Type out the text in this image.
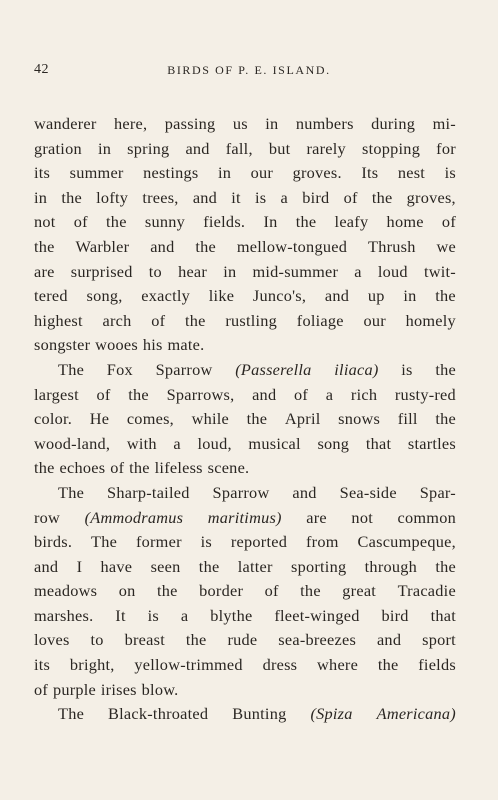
42	BIRDS OF P. E. ISLAND.
wanderer here, passing us in numbers during mi-
gration in spring and fall, but rarely stopping for
its summer nestings in our groves. Its nest is
in the lofty trees, and it is a bird of the groves,
not of the sunny fields. In the leafy home of
the Warbler and the mellow-tongued Thrush we
are surprised to hear in mid-summer a loud twit-
tered song, exactly like Junco's, and up in the
highest arch of the rustling foliage our homely
songster wooes his mate.
The Fox Sparrow (Passerella iliaca) is the
largest of the Sparrows, and of a rich rusty-red
color. He comes, while the April snows fill the
wood-land, with a loud, musical song that startles
the echoes of the lifeless scene.
The Sharp-tailed Sparrow and Sea-side Spar-
row (Ammodramus maritimus) are not common
birds. The former is reported from Cascumpeque,
and I have seen the latter sporting through the
meadows on the border of the great Tracadie
marshes. It is a blythe fleet-winged bird that
loves to breast the rude sea-breezes and sport
its bright, yellow-trimmed dress where the fields
of purple irises blow.
The Black-throated Bunting (Spiza Americana)
